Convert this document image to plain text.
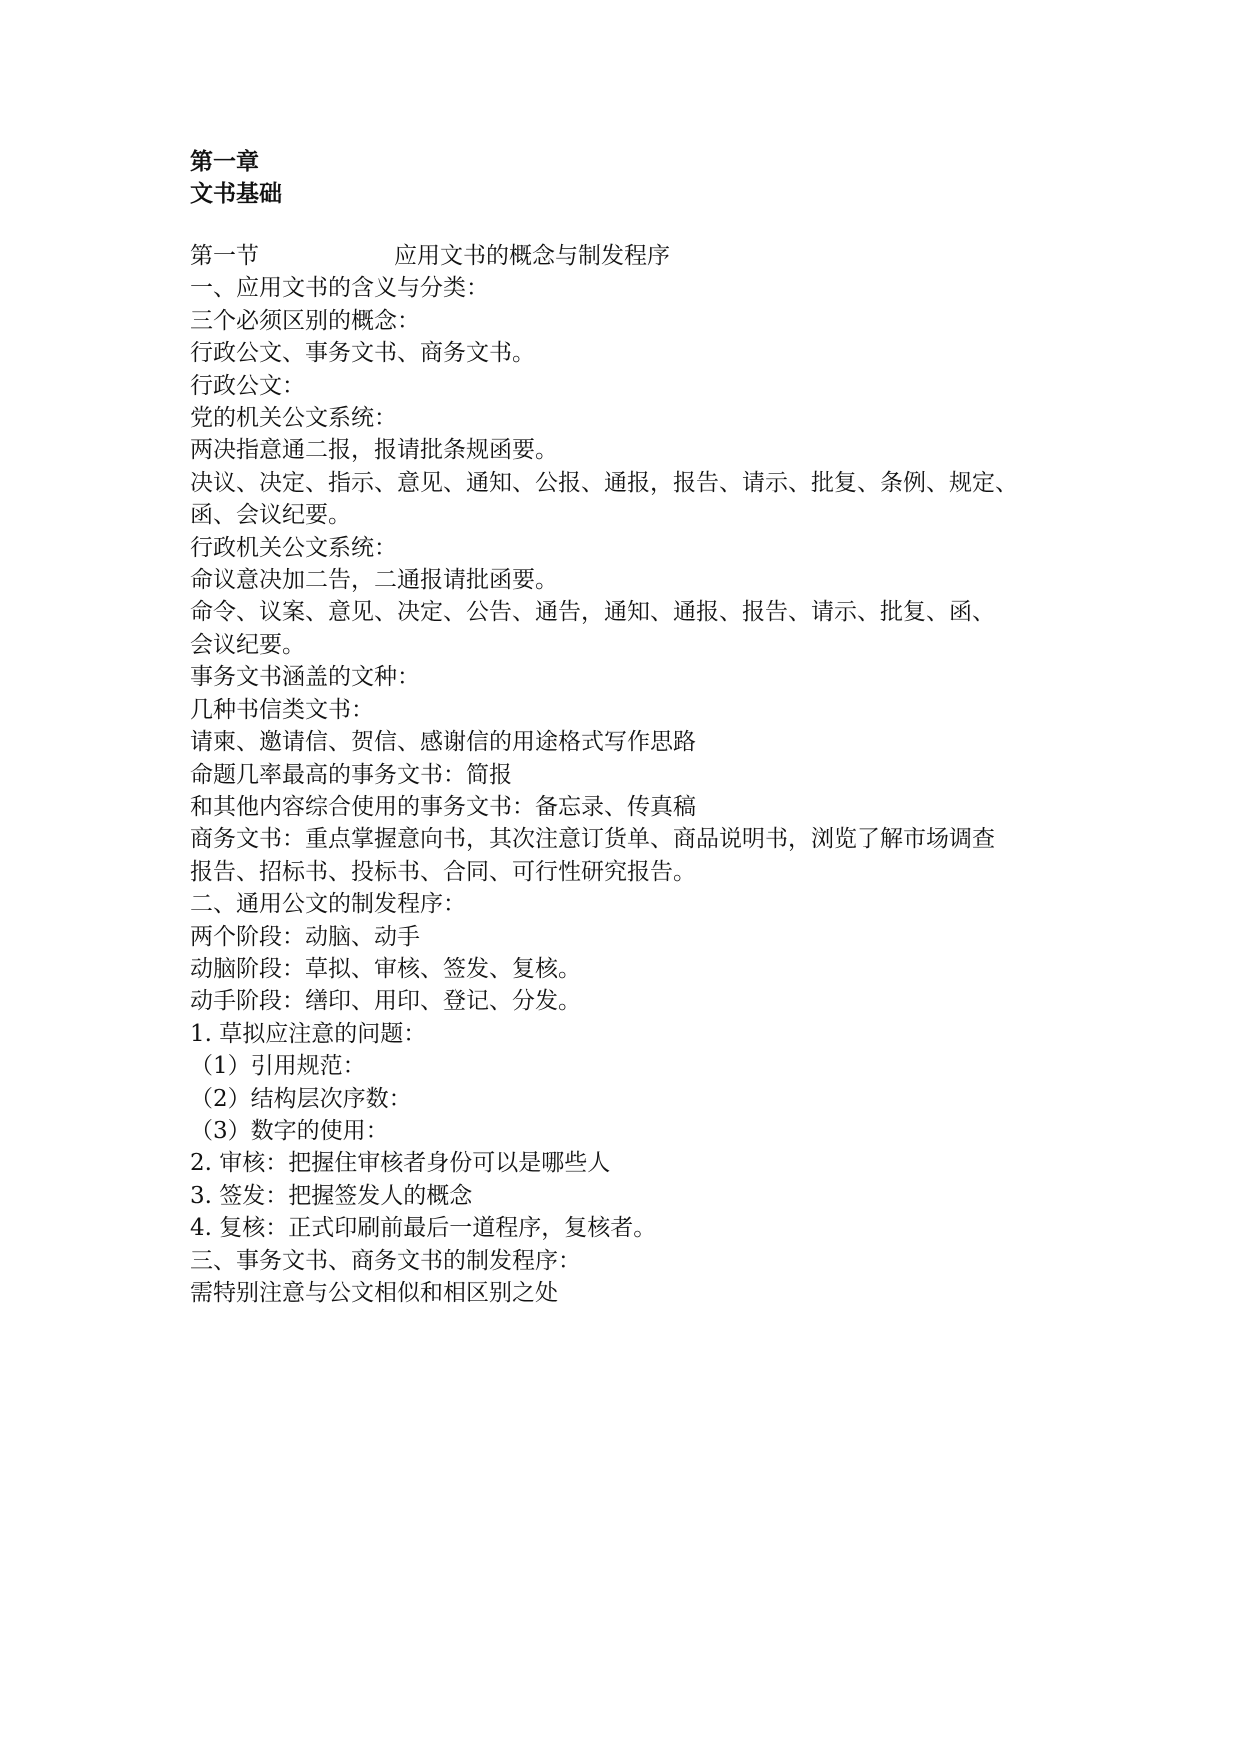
第一章
文书基础
第一节	应用文书的概念与制发程序
一、应用文书的含义与分类：
三个必须区别的概念：
行政公文、事务文书、商务文书。
行政公文：
党的机关公文系统：
两决指意通二报，报请批条规函要。
决议、决定、指示、意见、通知、公报、通报，报告、请示、批复、条例、规定、
函、会议纪要。
行政机关公文系统：
命议意决加二告，二通报请批函要。
命令、议案、意见、决定、公告、通告，通知、通报、报告、请示、批复、函、
会议纪要。
事务文书涵盖的文种：
几种书信类文书：
请柬、邀请信、贺信、感谢信的用途格式写作思路
命题几率最高的事务文书：简报
和其他内容综合使用的事务文书：备忘录、传真稿
商务文书：重点掌握意向书，其次注意订货单、商品说明书，浏览了解市场调查
报告、招标书、投标书、合同、可行性研究报告。
二、通用公文的制发程序：
两个阶段：动脑、动手
动脑阶段：草拟、审核、签发、复核。
动手阶段：缮印、用印、登记、分发。
1. 草拟应注意的问题：
（1）引用规范：
（2）结构层次序数：
（3）数字的使用：
2. 审核：把握住审核者身份可以是哪些人
3. 签发：把握签发人的概念
4. 复核：正式印刷前最后一道程序，复核者。
三、事务文书、商务文书的制发程序：
需特别注意与公文相似和相区别之处
